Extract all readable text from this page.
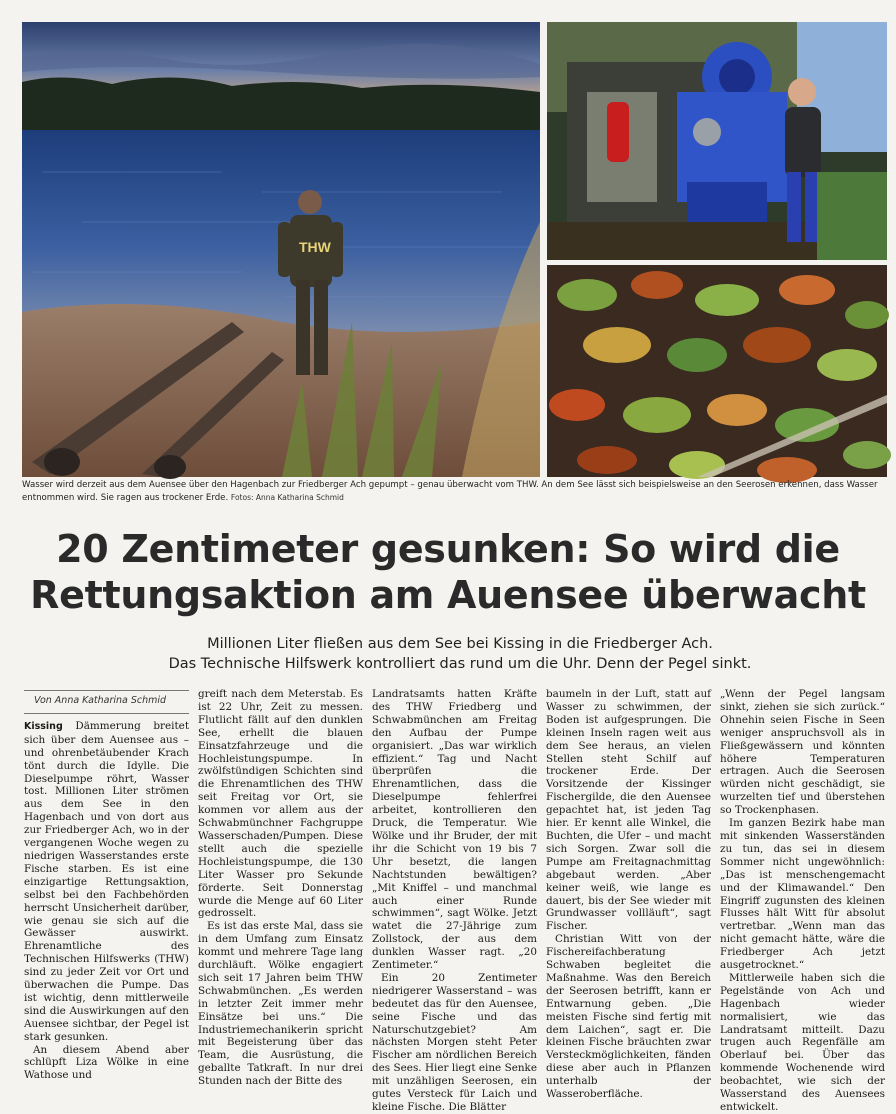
THW
Wasser wird derzeit aus dem Auensee über den Hagenbach zur Friedberger Ach gepumpt – genau überwacht vom THW. An dem See lässt sich beispielsweise an den Seerosen erkennen, dass Wasser entnommen wird. Sie ragen aus trockener Erde. Fotos: Anna Katharina Schmid
20 Zentimeter gesunken: So wird die
Rettungsaktion am Auensee überwacht
Millionen Liter fließen aus dem See bei Kissing in die Friedberger Ach.
Das Technische Hilfswerk kontrolliert das rund um die Uhr. Denn der Pegel sinkt.
Von Anna Katharina Schmid

Kissing Dämmerung breitet sich über dem Auensee aus – und ohrenbetäubender Krach tönt durch die Idylle. Die Dieselpumpe röhrt, Wasser tost. Millionen Liter strömen aus dem See in den Hagenbach und von dort aus zur Friedberger Ach, wo in der vergangenen Woche wegen zu niedrigen Wasserstandes erste Fische starben. Es ist eine einzigartige Rettungsaktion, selbst bei den Fachbehörden herrscht Unsicherheit darüber, wie genau sie sich auf die Gewässer auswirkt. Ehrenamtliche des Technischen Hilfswerks (THW) sind zu jeder Zeit vor Ort und überwachen die Pumpe. Das ist wichtig, denn mittlerweile sind die Auswirkungen auf den Auensee sichtbar, der Pegel ist stark gesunken.

An diesem Abend aber schlüpft Liza Wölke in eine Wathose und

greift nach dem Meterstab. Es ist 22 Uhr, Zeit zu messen. Flutlicht fällt auf den dunklen See, erhellt die blauen Einsatzfahrzeuge und die Hochleistungspumpe. In zwölfstündigen Schichten sind die Ehrenamtlichen des THW seit Freitag vor Ort, sie kommen vor allem aus der Schwabmünchner Fachgruppe Wasserschaden/Pumpen. Diese stellt auch die spezielle Hochleistungspumpe, die 130 Liter Wasser pro Sekunde förderte. Seit Donnerstag wurde die Menge auf 60 Liter gedrosselt.

Es ist das erste Mal, dass sie in dem Umfang zum Einsatz kommt und mehrere Tage lang durchläuft. Wölke engagiert sich seit 17 Jahren beim THW Schwabmünchen. „Es werden in letzter Zeit immer mehr Einsätze bei uns.“ Die Industriemechanikerin spricht mit Begeisterung über das Team, die Ausrüstung, die geballte Tatkraft. In nur drei Stunden nach der Bitte des

Landratsamts hatten Kräfte des THW Friedberg und Schwabmünchen am Freitag den Aufbau der Pumpe organisiert. „Das war wirklich effizient.“ Tag und Nacht überprüfen die Ehrenamtlichen, dass die Dieselpumpe fehlerfrei arbeitet, kontrollieren den Druck, die Temperatur. Wie Wölke und ihr Bruder, der mit ihr die Schicht von 19 bis 7 Uhr besetzt, die langen Nachtstunden bewältigen? „Mit Kniffel – und manchmal auch einer Runde schwimmen“, sagt Wölke. Jetzt watet die 27-Jährige zum Zollstock, der aus dem dunklen Wasser ragt. „20 Zentimeter.“

Ein 20 Zentimeter niedrigerer Wasserstand – was bedeutet das für den Auensee, seine Fische und das Naturschutzgebiet? Am nächsten Morgen steht Peter Fischer am nördlichen Bereich des Sees. Hier liegt eine Senke mit unzähligen Seerosen, ein gutes Versteck für Laich und kleine Fische. Die Blätter

baumeln in der Luft, statt auf Wasser zu schwimmen, der Boden ist aufgesprungen. Die kleinen Inseln ragen weit aus dem See heraus, an vielen Stellen steht Schilf auf trockener Erde. Der Vorsitzende der Kissinger Fischergilde, die den Auensee gepachtet hat, ist jeden Tag hier. Er kennt alle Winkel, die Buchten, die Ufer – und macht sich Sorgen. Zwar soll die Pumpe am Freitagnachmittag abgebaut werden. „Aber keiner weiß, wie lange es dauert, bis der See wieder mit Grundwasser vollläuft“, sagt Fischer.

Christian Witt von der Fischereifachberatung Schwaben begleitet die Maßnahme. Was den Bereich der Seerosen betrifft, kann er Entwarnung geben. „Die meisten Fische sind fertig mit dem Laichen“, sagt er. Die kleinen Fische bräuchten zwar Versteckmöglichkeiten, fänden diese aber auch in Pflanzen unterhalb der Wasseroberfläche.

„Wenn der Pegel langsam sinkt, ziehen sie sich zurück.“ Ohnehin seien Fische in Seen weniger anspruchsvoll als in Fließgewässern und könnten höhere Temperaturen ertragen. Auch die Seerosen würden nicht geschädigt, sie wurzelten tief und überstehen so Trockenphasen.

Im ganzen Bezirk habe man mit sinkenden Wasserständen zu tun, das sei in diesem Sommer nicht ungewöhnlich: „Das ist menschengemacht und der Klimawandel.“ Den Eingriff zugunsten des kleinen Flusses hält Witt für absolut vertretbar. „Wenn man das nicht gemacht hätte, wäre die Friedberger Ach jetzt ausgetrocknet.“

Mittlerweile haben sich die Pegelstände von Ach und Hagenbach wieder normalisiert, wie das Landratsamt mitteilt. Dazu trugen auch Regenfälle am Oberlauf bei. Über das kommende Wochenende wird beobachtet, wie sich der Wasserstand des Auensees entwickelt.
